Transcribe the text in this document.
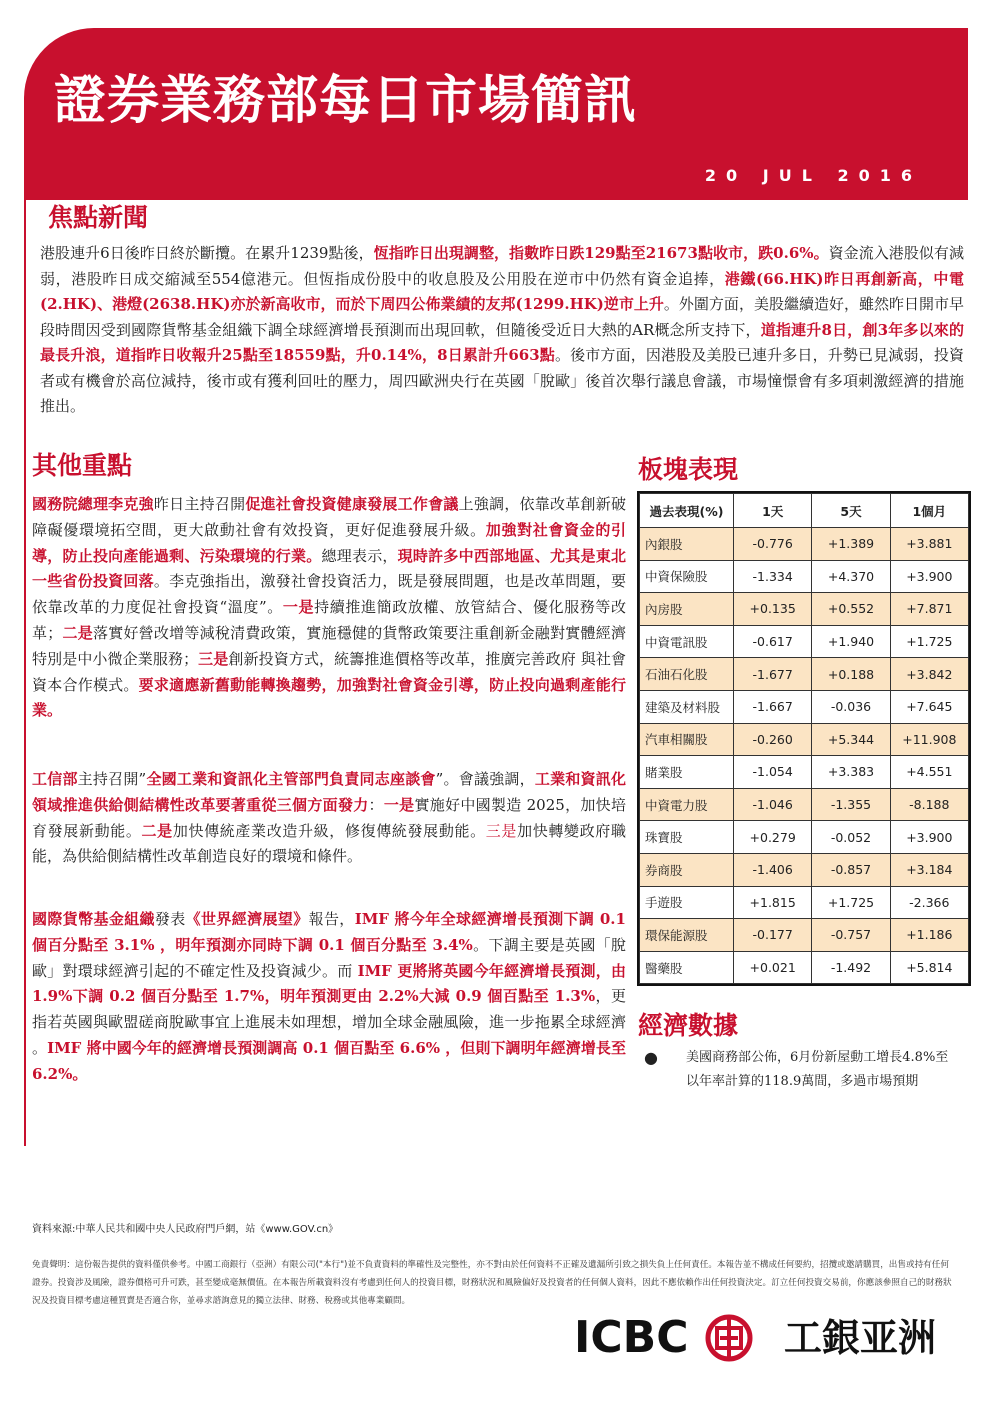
證券業務部每日市場簡訊
20 JUL 2016
焦點新聞
港股連升6日後昨日終於斷攬。在累升1239點後，恆指昨日出現調整，指數昨日跌129點至21673點收市，跌0.6%。資金流入港股似有減弱，港股昨日成交縮減至554億港元。但恆指成份股中的收息股及公用股在逆市中仍然有資金追捧，港鐵(66.HK)昨日再創新高，中電(2.HK)、港燈(2638.HK)亦於新高收市，而於下周四公佈業績的友邦(1299.HK)逆市上升。外圍方面，美股繼續造好，雖然昨日開市早段時間因受到國際貨幣基金組織下調全球經濟增長預測而出現回軟，但隨後受近日大熱的AR概念所支持下，道指連升8日，創3年多以來的最長升浪，道指昨日收報升25點至18559點，升0.14%，8日累計升663點。後市方面，因港股及美股已連升多日，升勢已見減弱，投資者或有機會於高位減持，後市或有獲利回吐的壓力，周四歐洲央行在英國「脫歐」後首次舉行議息會議，市場憧憬會有多項刺激經濟的措施推出。
其他重點
國務院總理李克強昨日主持召開促進社會投資健康發展工作會議上強調，依靠改革創新破障礙優環境拓空間，更大啟動社會有效投資，更好促進發展升級。加強對社會資金的引導，防止投向產能過剩、污染環境的行業。總理表示，現時許多中西部地區、尤其是東北一些省份投資回落。李克強指出，激發社會投資活力，既是發展問題，也是改革問題，要依靠改革的力度促社會投資“溫度”。一是持續推進簡政放權、放管結合、優化服務等改革；二是落實好營改增等減稅清費政策，實施穩健的貨幣政策要注重創新金融對實體經濟特別是中小微企業服務；三是創新投資方式，統籌推進價格等改革，推廣完善政府 與社會資本合作模式。要求適應新舊動能轉換趨勢，加強對社會資金引導，防止投向過剩產能行業。
工信部主持召開”全國工業和資訊化主管部門負責同志座談會”。會議強調，工業和資訊化領域推進供給側結構性改革要著重從三個方面發力：一是實施好中國製造 2025，加快培育發展新動能。二是加快傳統產業改造升級，修復傳統發展動能。三是加快轉變政府職能，為供給側結構性改革創造良好的環境和條件。
國際貨幣基金組織發表《世界經濟展望》報告，IMF 將今年全球經濟增長預測下調 0.1 個百分點至 3.1% ，明年預測亦同時下調 0.1 個百分點至 3.4%。下調主要是英國「脫歐」對環球經濟引起的不確定性及投資減少。而 IMF 更將將英國今年經濟增長預測，由 1.9%下調 0.2 個百分點至 1.7%，明年預測更由 2.2%大減 0.9 個百點至 1.3%，更指若英國與歐盟磋商脫歐事宜上進展未如理想，增加全球金融風險，進一步拖累全球經濟 。IMF 將中國今年的經濟增長預測調高 0.1 個百點至 6.6% ，但則下調明年經濟增長至 6.2%。
板塊表現
過去表現(%)	1天	5天	1個月
內銀股	-0.776	+1.389	+3.881
中資保險股	-1.334	+4.370	+3.900
內房股	+0.135	+0.552	+7.871
中資電訊股	-0.617	+1.940	+1.725
石油石化股	-1.677	+0.188	+3.842
建築及材料股	-1.667	-0.036	+7.645
汽車相關股	-0.260	+5.344	+11.908
賭業股	-1.054	+3.383	+4.551
中資電力股	-1.046	-1.355	-8.188
珠寶股	+0.279	-0.052	+3.900
券商股	-1.406	-0.857	+3.184
手遊股	+1.815	+1.725	-2.366
環保能源股	-0.177	-0.757	+1.186
醫藥股	+0.021	-1.492	+5.814
經濟數據
● 美國商務部公佈，6月份新屋動工增長4.8%至以年率計算的118.9萬間，多過市場預期
資料來源:中華人民共和國中央人民政府門戶網，站《www.GOV.cn》
免責聲明：這份報告提供的資料僅供參考。中國工商銀行（亞洲）有限公司("本行")並不負責資料的準確性及完整性，亦不對由於任何資料不正確及遺漏所引致之損失負上任何責任。本報告並不構成任何要約，招攬或邀請購買，出售或持有任何證券。投資涉及風險，證券價格可升可跌，甚至變成毫無價值。在本報告所載資料沒有考慮到任何人的投資目標，財務狀況和風險偏好及投資者的任何個人資料，因此不應依賴作出任何投資決定。訂立任何投資交易前，你應該參照自己的財務狀況及投資目標考慮這種買賣是否適合你，並尋求諮詢意見的獨立法律、財務、稅務或其他專業顧問。
ICBC	工銀亚洲
